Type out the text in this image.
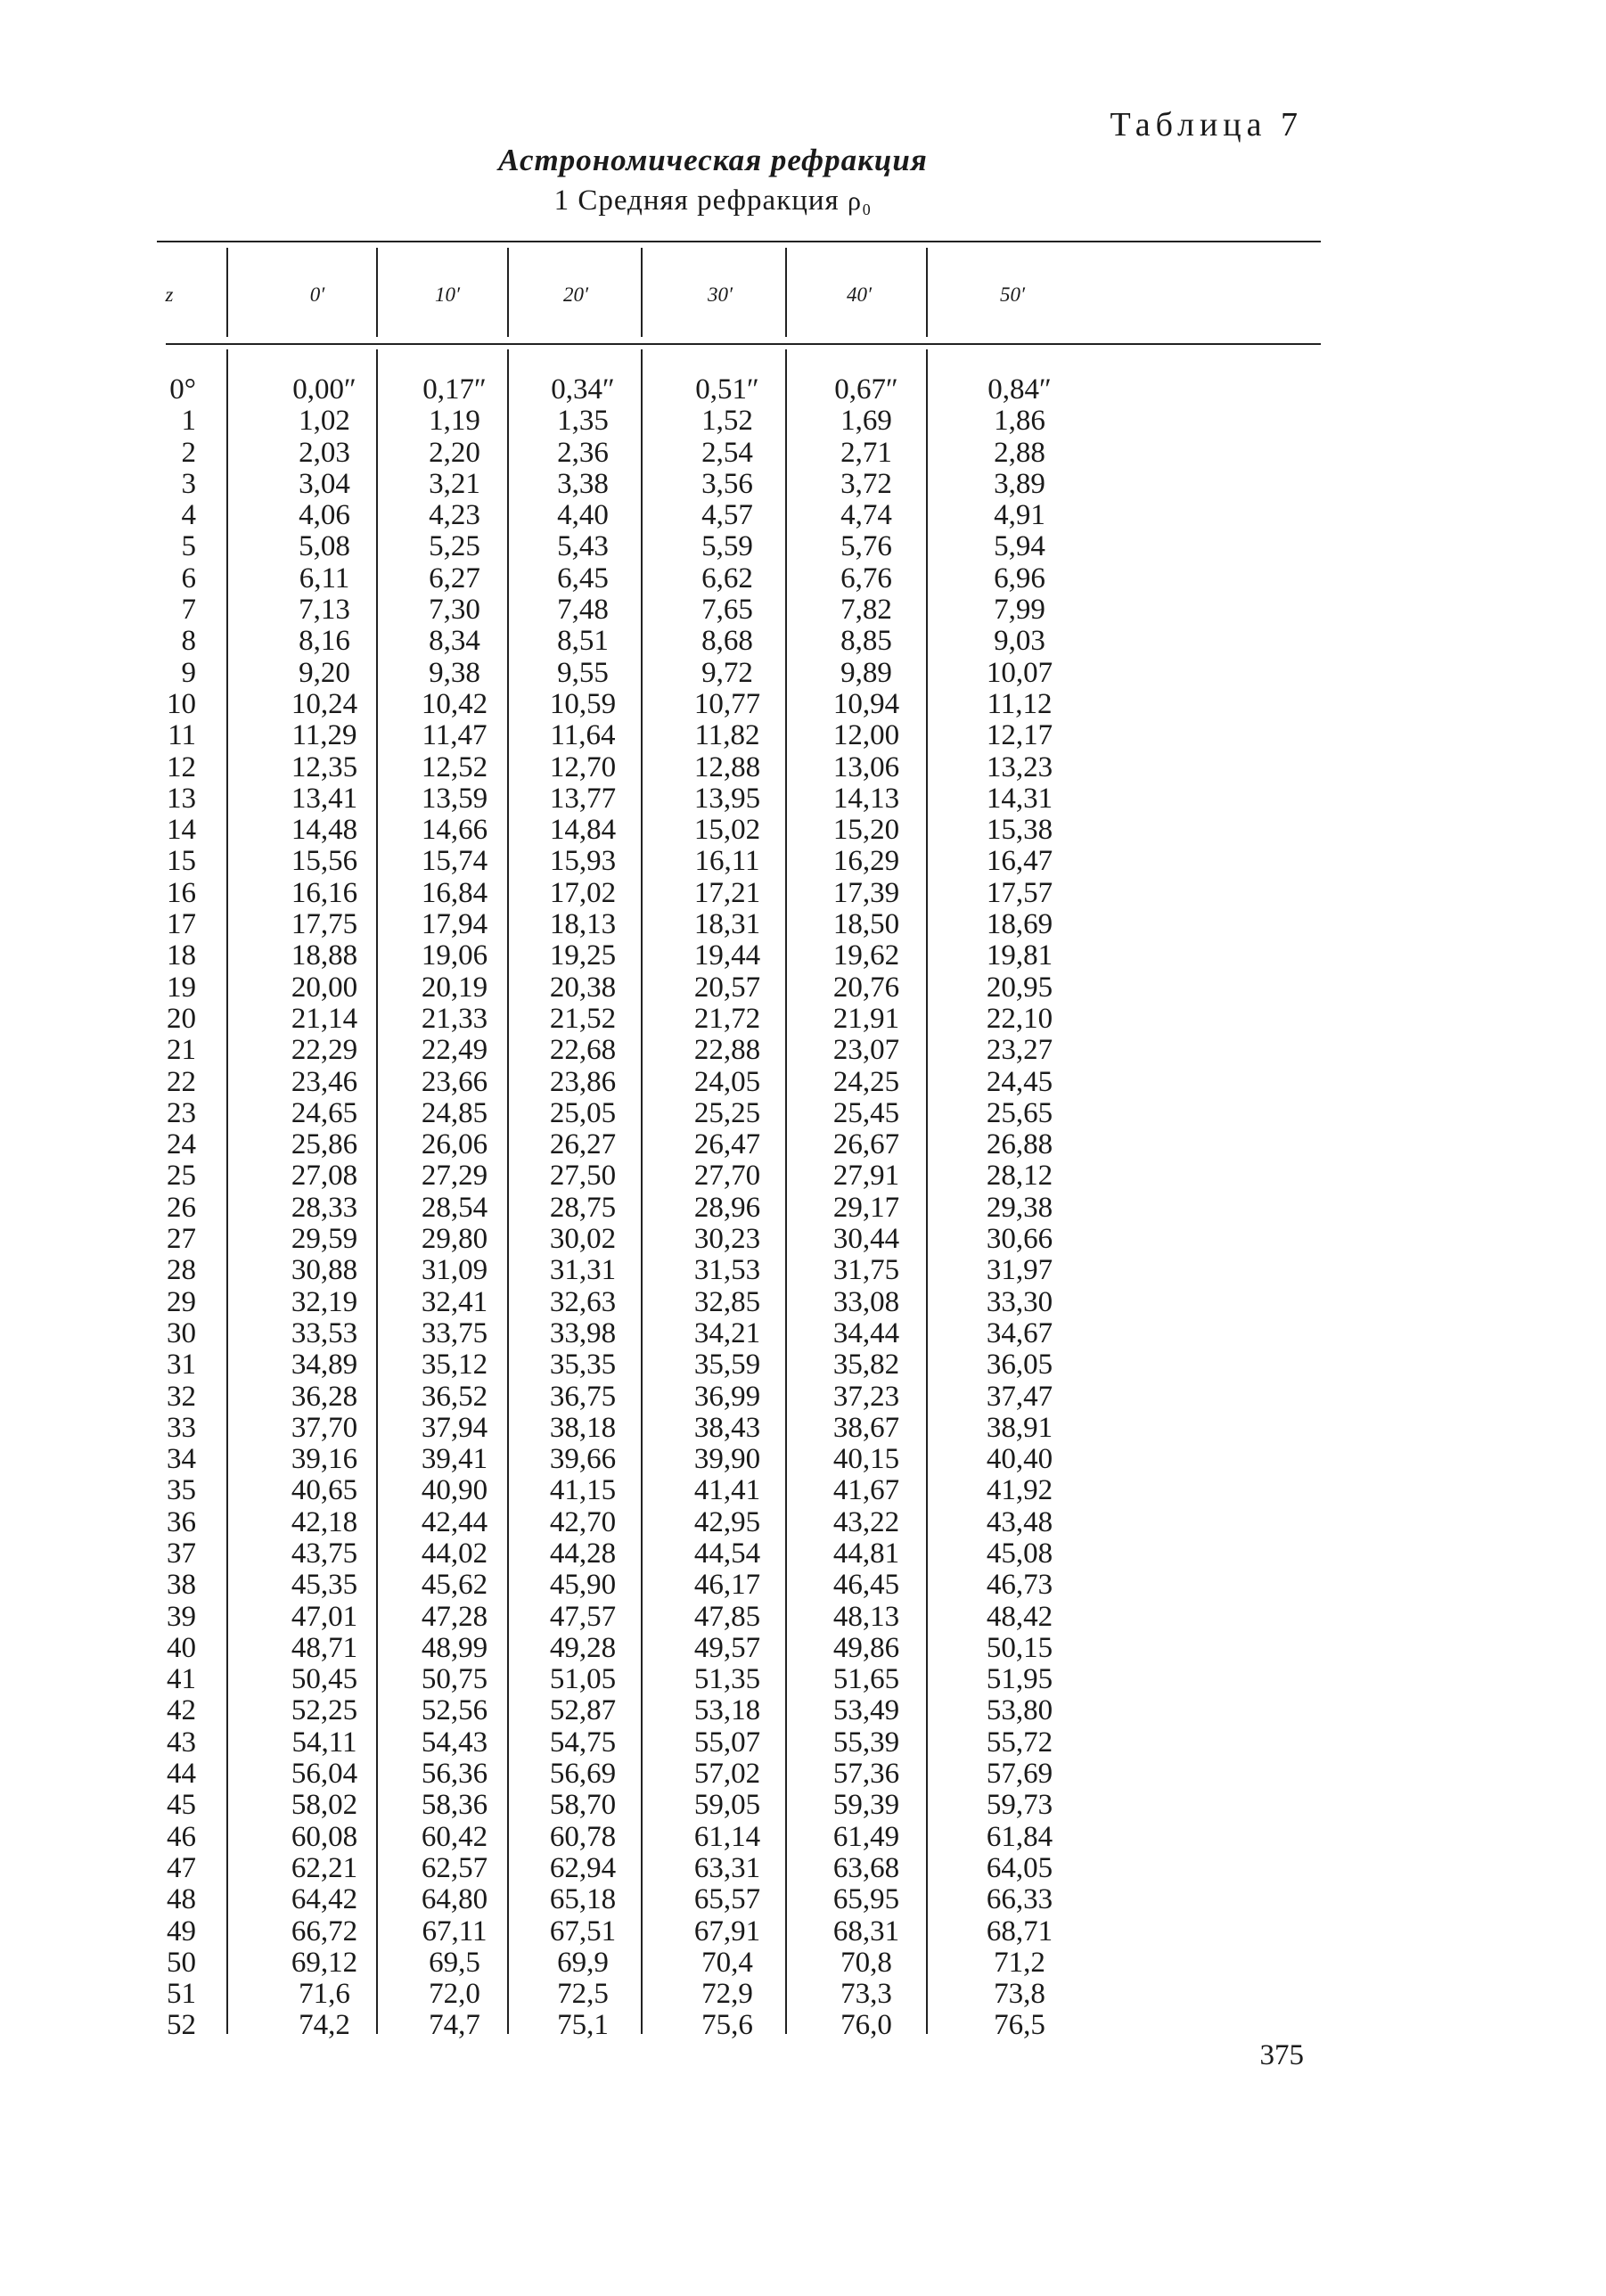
Таблица 7
Астрономическая рефракция
1 Средняя рефракция ρ₀
z	0′	10′	20′	30′	40′	50′
0°	0,00″	0,17″	0,34″	0,51″	0,67″	0,84″
1	1,02	1,19	1,35	1,52	1,69	1,86
2	2,03	2,20	2,36	2,54	2,71	2,88
3	3,04	3,21	3,38	3,56	3,72	3,89
4	4,06	4,23	4,40	4,57	4,74	4,91
5	5,08	5,25	5,43	5,59	5,76	5,94
6	6,11	6,27	6,45	6,62	6,76	6,96
7	7,13	7,30	7,48	7,65	7,82	7,99
8	8,16	8,34	8,51	8,68	8,85	9,03
9	9,20	9,38	9,55	9,72	9,89	10,07
10	10,24	10,42	10,59	10,77	10,94	11,12
11	11,29	11,47	11,64	11,82	12,00	12,17
12	12,35	12,52	12,70	12,88	13,06	13,23
13	13,41	13,59	13,77	13,95	14,13	14,31
14	14,48	14,66	14,84	15,02	15,20	15,38
15	15,56	15,74	15,93	16,11	16,29	16,47
16	16,16	16,84	17,02	17,21	17,39	17,57
17	17,75	17,94	18,13	18,31	18,50	18,69
18	18,88	19,06	19,25	19,44	19,62	19,81
19	20,00	20,19	20,38	20,57	20,76	20,95
20	21,14	21,33	21,52	21,72	21,91	22,10
21	22,29	22,49	22,68	22,88	23,07	23,27
22	23,46	23,66	23,86	24,05	24,25	24,45
23	24,65	24,85	25,05	25,25	25,45	25,65
24	25,86	26,06	26,27	26,47	26,67	26,88
25	27,08	27,29	27,50	27,70	27,91	28,12
26	28,33	28,54	28,75	28,96	29,17	29,38
27	29,59	29,80	30,02	30,23	30,44	30,66
28	30,88	31,09	31,31	31,53	31,75	31,97
29	32,19	32,41	32,63	32,85	33,08	33,30
30	33,53	33,75	33,98	34,21	34,44	34,67
31	34,89	35,12	35,35	35,59	35,82	36,05
32	36,28	36,52	36,75	36,99	37,23	37,47
33	37,70	37,94	38,18	38,43	38,67	38,91
34	39,16	39,41	39,66	39,90	40,15	40,40
35	40,65	40,90	41,15	41,41	41,67	41,92
36	42,18	42,44	42,70	42,95	43,22	43,48
37	43,75	44,02	44,28	44,54	44,81	45,08
38	45,35	45,62	45,90	46,17	46,45	46,73
39	47,01	47,28	47,57	47,85	48,13	48,42
40	48,71	48,99	49,28	49,57	49,86	50,15
41	50,45	50,75	51,05	51,35	51,65	51,95
42	52,25	52,56	52,87	53,18	53,49	53,80
43	54,11	54,43	54,75	55,07	55,39	55,72
44	56,04	56,36	56,69	57,02	57,36	57,69
45	58,02	58,36	58,70	59,05	59,39	59,73
46	60,08	60,42	60,78	61,14	61,49	61,84
47	62,21	62,57	62,94	63,31	63,68	64,05
48	64,42	64,80	65,18	65,57	65,95	66,33
49	66,72	67,11	67,51	67,91	68,31	68,71
50	69,12	69,5	69,9	70,4	70,8	71,2
51	71,6	72,0	72,5	72,9	73,3	73,8
52	74,2	74,7	75,1	75,6	76,0	76,5
375
